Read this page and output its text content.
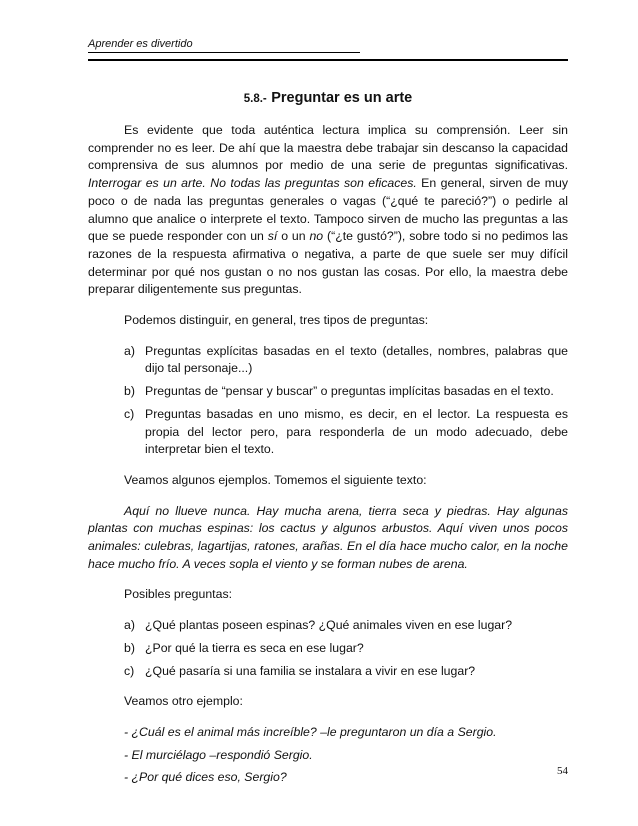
Aprender es divertido
5.8.- Preguntar es un arte

Es evidente que toda auténtica lectura implica su comprensión. Leer sin comprender no es leer. De ahí que la maestra debe trabajar sin descanso la capacidad comprensiva de sus alumnos por medio de una serie de preguntas significativas. Interrogar es un arte. No todas las preguntas son eficaces. En general, sirven de muy poco o de nada las preguntas generales o vagas (“¿qué te pareció?”) o pedirle al alumno que analice o interprete el texto. Tampoco sirven de mucho las preguntas a las que se puede responder con un sí o un no (“¿te gustó?”), sobre todo si no pedimos las razones de la respuesta afirmativa o negativa, a parte de que suele ser muy difícil determinar por qué nos gustan o no nos gustan las cosas. Por ello, la maestra debe preparar diligentemente sus preguntas.

Podemos distinguir, en general, tres tipos de preguntas:

a) Preguntas explícitas basadas en el texto (detalles, nombres, palabras que dijo tal personaje...)
b) Preguntas de “pensar y buscar” o preguntas implícitas basadas en el texto.
c) Preguntas basadas en uno mismo, es decir, en el lector. La respuesta es propia del lector pero, para responderla de un modo adecuado, debe interpretar bien el texto.

Veamos algunos ejemplos. Tomemos el siguiente texto:

Aquí no llueve nunca. Hay mucha arena, tierra seca y piedras. Hay algunas plantas con muchas espinas: los cactus y algunos arbustos. Aquí viven unos pocos animales: culebras, lagartijas, ratones, arañas. En el día hace mucho calor, en la noche hace mucho frío. A veces sopla el viento y se forman nubes de arena.

Posibles preguntas:

a) ¿Qué plantas poseen espinas? ¿Qué animales viven en ese lugar?
b) ¿Por qué la tierra es seca en ese lugar?
c) ¿Qué pasaría si una familia se instalara a vivir en ese lugar?

Veamos otro ejemplo:

- ¿Cuál es el animal más increíble? –le preguntaron un día a Sergio.

- El murciélago –respondió Sergio.

- ¿Por qué dices eso, Sergio?	54
